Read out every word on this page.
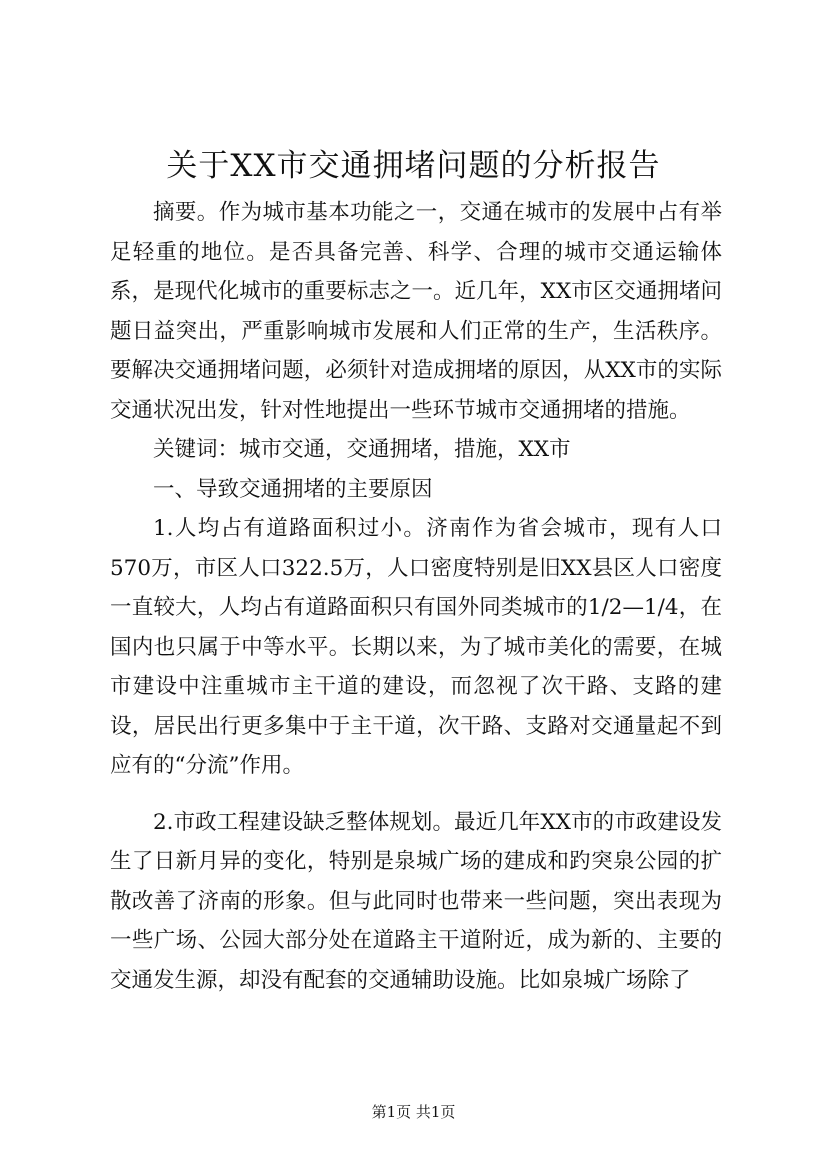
关于XX市交通拥堵问题的分析报告

摘要。作为城市基本功能之一，交通在城市的发展中占有举足轻重的地位。是否具备完善、科学、合理的城市交通运输体系，是现代化城市的重要标志之一。近几年，XX市区交通拥堵问题日益突出，严重影响城市发展和人们正常的生产，生活秩序。要解决交通拥堵问题，必须针对造成拥堵的原因，从XX市的实际交通状况出发，针对性地提出一些环节城市交通拥堵的措施。

关键词：城市交通，交通拥堵，措施，XX市

一、导致交通拥堵的主要原因

1.人均占有道路面积过小。济南作为省会城市，现有人口570万，市区人口322.5万，人口密度特别是旧XX县区人口密度一直较大，人均占有道路面积只有国外同类城市的1/2—1/4，在国内也只属于中等水平。长期以来，为了城市美化的需要，在城市建设中注重城市主干道的建设，而忽视了次干路、支路的建设，居民出行更多集中于主干道，次干路、支路对交通量起不到应有的“分流”作用。

2.市政工程建设缺乏整体规划。最近几年XX市的市政建设发生了日新月异的变化，特别是泉城广场的建成和趵突泉公园的扩散改善了济南的形象。但与此同时也带来一些问题，突出表现为一些广场、公园大部分处在道路主干道附近，成为新的、主要的交通发生源，却没有配套的交通辅助设施。比如泉城广场除了

第1页 共1页
